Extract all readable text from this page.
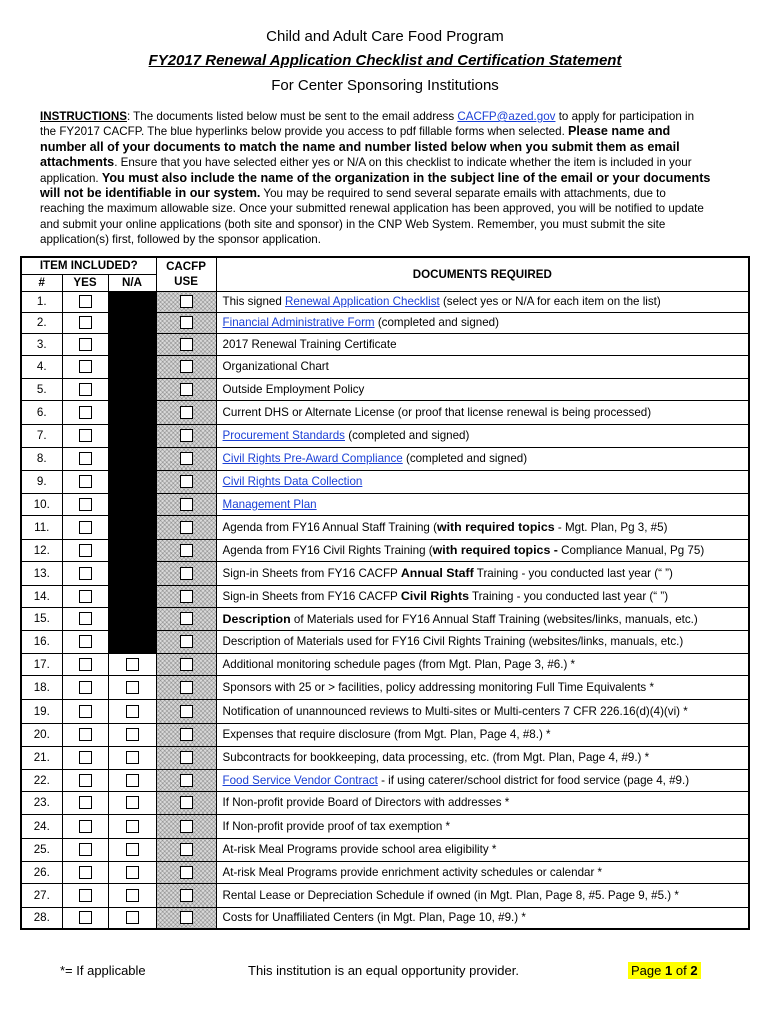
Child and Adult Care Food Program
FY2017 Renewal Application Checklist and Certification Statement
For Center Sponsoring Institutions
INSTRUCTIONS: The documents listed below must be sent to the email address CACFP@azed.gov to apply for participation in the FY2017 CACFP. The blue hyperlinks below provide you access to pdf fillable forms when selected. Please name and number all of your documents to match the name and number listed below when you submit them as email attachments. Ensure that you have selected either yes or N/A on this checklist to indicate whether the item is included in your application. You must also include the name of the organization in the subject line of the email or your documents will not be identifiable in our system. You may be required to send several separate emails with attachments, due to reaching the maximum allowable size. Once your submitted renewal application has been approved, you will be notified to update and submit your online applications (both site and sponsor) in the CNP Web System. Remember, you must submit the site application(s) first, followed by the sponsor application.
ITEM INCLUDED?			CACFP
USE	DOCUMENTS REQUIRED
#	YES	N/A		
1.				This signed Renewal Application Checklist (select yes or N/A for each item on the list)
2.				Financial Administrative Form (completed and signed)
3.				2017 Renewal Training Certificate
4.				Organizational Chart
5.				Outside Employment Policy
6.				Current DHS or Alternate License (or proof that license renewal is being processed)
7.				Procurement Standards (completed and signed)
8.				Civil Rights Pre-Award Compliance (completed and signed)
9.				Civil Rights Data Collection
10.				Management Plan
11.				Agenda from FY16 Annual Staff Training (with required topics - Mgt. Plan, Pg 3, #5)
12.				Agenda from FY16 Civil Rights Training (with required topics - Compliance Manual, Pg 75)
13.				Sign-in Sheets from FY16 CACFP Annual Staff Training - you conducted last year (“ ”)
14.				Sign-in Sheets from FY16 CACFP Civil Rights Training - you conducted last year (“ ”)
15.				Description of Materials used for FY16 Annual Staff Training (websites/links, manuals, etc.)
16.				Description of Materials used for FY16 Civil Rights Training (websites/links, manuals, etc.)
17.				Additional monitoring schedule pages (from Mgt. Plan, Page 3, #6.) *
18.				Sponsors with 25 or > facilities, policy addressing monitoring Full Time Equivalents *
19.				Notification of unannounced reviews to Multi-sites or Multi-centers 7 CFR 226.16(d)(4)(vi) *
20.				Expenses that require disclosure (from Mgt. Plan, Page 4, #8.) *
21.				Subcontracts for bookkeeping, data processing, etc. (from Mgt. Plan, Page 4, #9.) *
22.				Food Service Vendor Contract - if using caterer/school district for food service (page 4, #9.)
23.				If Non-profit provide Board of Directors with addresses *
24.				If Non-profit provide proof of tax exemption *
25.				At-risk Meal Programs provide school area eligibility *
26.				At-risk Meal Programs provide enrichment activity schedules or calendar *
27.				Rental Lease or Depreciation Schedule if owned (in Mgt. Plan, Page 8, #5. Page 9, #5.) *
28.				Costs for Unaffiliated Centers (in Mgt. Plan, Page 10, #9.) *
*= If applicable	This institution is an equal opportunity provider.	Page 1 of 2
